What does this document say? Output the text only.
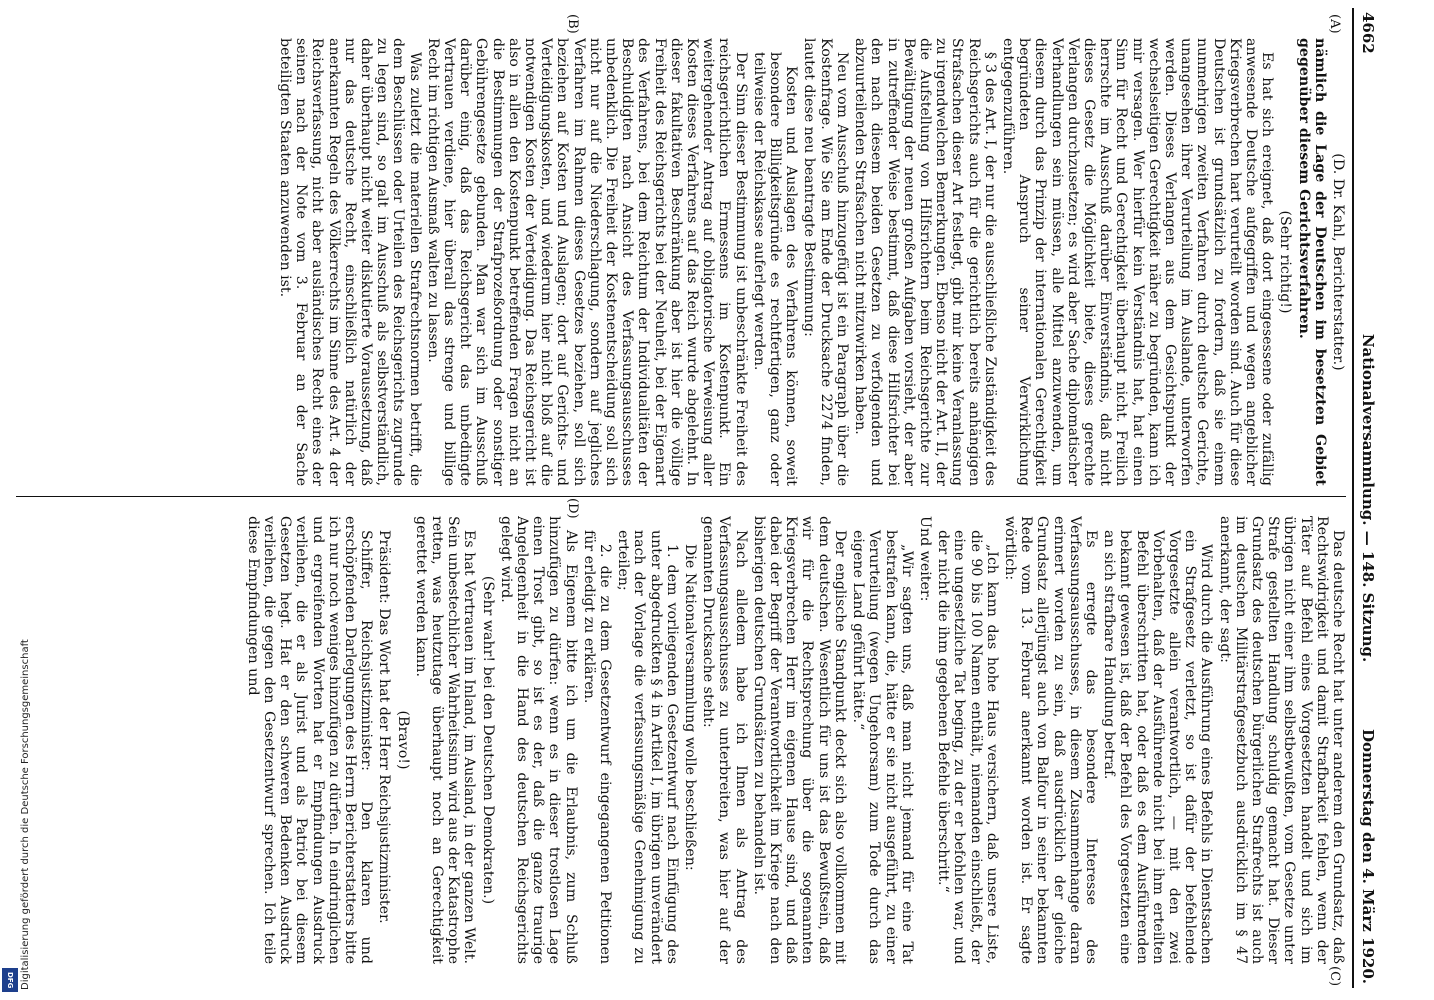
4662
Nationalversammlung. — 148. Sitzung.
Donnerstag den 4. März 1920.
(A)
(B)
(C)
(D)

(D. Dr. Kahl, Berichterstatter.)

nämlich die Lage der Deutschen im besetzten Gebiet gegenüber diesem Gerichtsverfahren.

(Sehr richtig!)

Es hat sich ereignet, daß dort eingesessene oder zufällig anwesende Deutsche aufgegriffen und wegen angeblicher Kriegsverbrechen hart verurteilt worden sind. Auch für diese Deutschen ist grundsätzlich zu fordern, daß sie einem nunmehrigen zweiten Verfahren durch deutsche Gerichte, unangesehen ihrer Verurteilung im Auslande, unterworfen werden. Dieses Verlangen aus dem Gesichtspunkt der wechselseitigen Gerechtigkeit näher zu begründen, kann ich mir versagen. Wer hierfür kein Verständnis hat, hat einen Sinn für Recht und Gerechtigkeit überhaupt nicht. Freilich herrschte im Ausschuß darüber Einverständnis, daß nicht dieses Gesetz die Möglichkeit biete, dieses gerechte Verlangen durchzusetzen; es wird aber Sache diplomatischer Verhandlungen sein müssen, alle Mittel anzuwenden, um diesem durch das Prinzip der internationalen Gerechtigkeit begründeten Anspruch seiner Verwirklichung entgegenzuführen.

§ 3 des Art. I, der nur die ausschließliche Zuständigkeit des Reichsgerichts auch für die gerichtlich bereits anhängigen Strafsachen dieser Art festlegt, gibt mir keine Veranlassung zu irgendwelchen Bemerkungen. Ebenso nicht der Art. II, der die Aufstellung von Hilfsrichtern beim Reichsgerichte zur Bewältigung der neuen großen Aufgaben vorsieht, der aber in zutreffender Weise bestimmt, daß diese Hilfsrichter bei den nach diesem beiden Gesetzen zu verfolgenden und abzuurteilenden Strafsachen nicht mitzuwirken haben.

Neu vom Ausschuß hinzugefügt ist ein Paragraph über die Kostenfrage. Wie Sie am Ende der Drucksache 2274 finden, lautet diese neu beantragte Bestimmung:

Kosten und Auslagen des Verfahrens können, soweit besondere Billigkeitsgründe es rechtfertigen, ganz oder teilweise der Reichskasse auferlegt werden.

Der Sinn dieser Bestimmung ist unbeschränkte Freiheit des reichsgerichtlichen Ermessens im Kostenpunkt. Ein weitergehender Antrag auf obligatorische Verweisung aller Kosten dieses Verfahrens auf das Reich wurde abgelehnt. In dieser fakultativen Beschränkung aber ist hier die völlige Freiheit des Reichsgerichts bei der Neuheit, bei der Eigenart des Verfahrens, bei dem Reichtum der Individualitäten der Beschuldigten nach Ansicht des Verfassungsausschusses unbedenklich. Die Freiheit der Kostenentscheidung soll sich nicht nur auf die Niederschlagung, sondern auf jegliches Verfahren im Rahmen dieses Gesetzes beziehen, soll sich beziehen auf Kosten und Auslagen; dort auf Gerichts- und Verteidigungskosten, und wiederum hier nicht bloß auf die notwendigen Kosten der Verteidigung. Das Reichsgericht ist also in allen den Kostenpunkt betreffenden Fragen nicht an die Bestimmungen der Strafprozeßordnung oder sonstiger Gebührengesetze gebunden. Man war sich im Ausschuß darüber einig, daß das Reichsgericht das unbedingte Vertrauen verdiene, hier überall das strenge und billige Recht im richtigen Ausmaß walten zu lassen.

Was zuletzt die materiellen Strafrechtsnormen betrifft, die dem Beschlüssen oder Urteilen des Reichsgerichts zugrunde zu legen sind, so galt im Ausschuß als selbstverständlich, daher überhaupt nicht weiter diskutierte Voraussetzung, daß nur das deutsche Recht, einschließlich natürlich der anerkannten Regeln des Völkerrechts im Sinne des Art. 4 der Reichsverfassung, nicht aber ausländisches Recht eines der seinen nach der Note vom 3. Februar an der Sache beteiligten Staaten anzuwenden ist.

Das deutsche Recht hat unter anderem den Grundsatz, daß Rechtswidrigkeit und damit Strafbarkeit fehlen, wenn der Täter auf Befehl eines Vorgesetzten handelt und sich im übrigen nicht einer ihm selbstbewußten, vom Gesetze unter Strafe gestellten Handlung schuldig gemacht hat. Dieser Grundsatz des deutschen bürgerlichen Strafrechts ist auch im deutschen Militärstrafgesetzbuch ausdrücklich im § 47 anerkannt, der sagt:

Wird durch die Ausführung eines Befehls in Dienstsachen ein Strafgesetz verletzt, so ist dafür der befehlende Vorgesetzte allein verantwortlich, — mit den zwei Vorbehalten, daß der Ausführende nicht bei ihm erteilten Befehl überschritten hat, oder daß es dem Ausführenden bekannt gewesen ist, daß der Befehl des Vorgesetzten eine an sich strafbare Handlung betraf.

Es erregte das besondere Interesse des Verfassungsausschusses, in diesem Zusammenhange daran erinnert worden zu sein, daß ausdrücklich der gleiche Grundsatz allerjüngst auch von Balfour in seiner bekannten Rede vom 13. Februar anerkannt worden ist. Er sagte wörtlich:

„Ich kann das hohe Haus versichern, daß unsere Liste, die 90 bis 100 Namen enthält, niemanden einschließt, der eine ungesetzliche Tat beging, zu der er befohlen war, und der nicht die ihm gegebenen Befehle überschritt.“

Und weiter:

„Wir sagten uns, daß man nicht jemand für eine Tat bestrafen kann, die, hätte er sie nicht ausgeführt, zu einer Verurteilung (wegen Ungehorsam) zum Tode durch das eigene Land geführt hätte.“

Der englische Standpunkt deckt sich also vollkommen mit dem deutschen. Wesentlich für uns ist das Bewußtsein, daß wir für die Rechtsprechung über die sogenannten Kriegsverbrechen Herr im eigenen Hause sind, und daß dabei der Begriff der Verantwortlichkeit im Kriege nach den bisherigen deutschen Grundsätzen zu behandeln ist.

Nach alledem habe ich Ihnen als Antrag des Verfassungsausschusses zu unterbreiten, was hier auf der genannten Drucksache steht:

Die Nationalversammlung wolle beschließen:

1. dem vorliegenden Gesetzentwurf nach Einfügung des unter abgedruckten § 4 in Artikel I, im übrigen unverändert nach der Vorlage die verfassungsmäßige Genehmigung zu erteilen;

2. die zu dem Gesetzentwurf eingegangenen Petitionen für erledigt zu erklären.

Als Eigenem bitte ich um die Erlaubnis, zum Schluß hinzufügen zu dürfen: wenn es in dieser trostlosen Lage einen Trost gibt, so ist es der, daß die ganze traurige Angelegenheit in die Hand des deutschen Reichsgerichts gelegt wird.

(Sehr wahr! bei den Deutschen Demokraten.)

Es hat Vertrauen im Inland, im Ausland, in der ganzen Welt. Sein unbestechlicher Wahrheitssinn wird aus der Katastrophe retten, was heutzutage überhaupt noch an Gerechtigkeit gerettet werden kann.

(Bravo!)

Präsident: Das Wort hat der Herr Reichsjustizminister.

Schiffer, Reichsjustizminister: Den klaren und erschöpfenden Darlegungen des Herrn Berichterstatters bitte ich nur noch weniges hinzufügen zu dürfen. In eindringlichen und ergreifenden Worten hat er Empfindungen Ausdruck verliehen, die er als Jurist und als Patriot bei diesem Gesetzen hegt. Hat er den schweren Bedenken Ausdruck verliehen, die gegen den Gesetzentwurf sprechen. Ich teile diese Empfindungen und

Digitalisierung gefördert durch die Deutsche Forschungsgemeinschaft
DFG
